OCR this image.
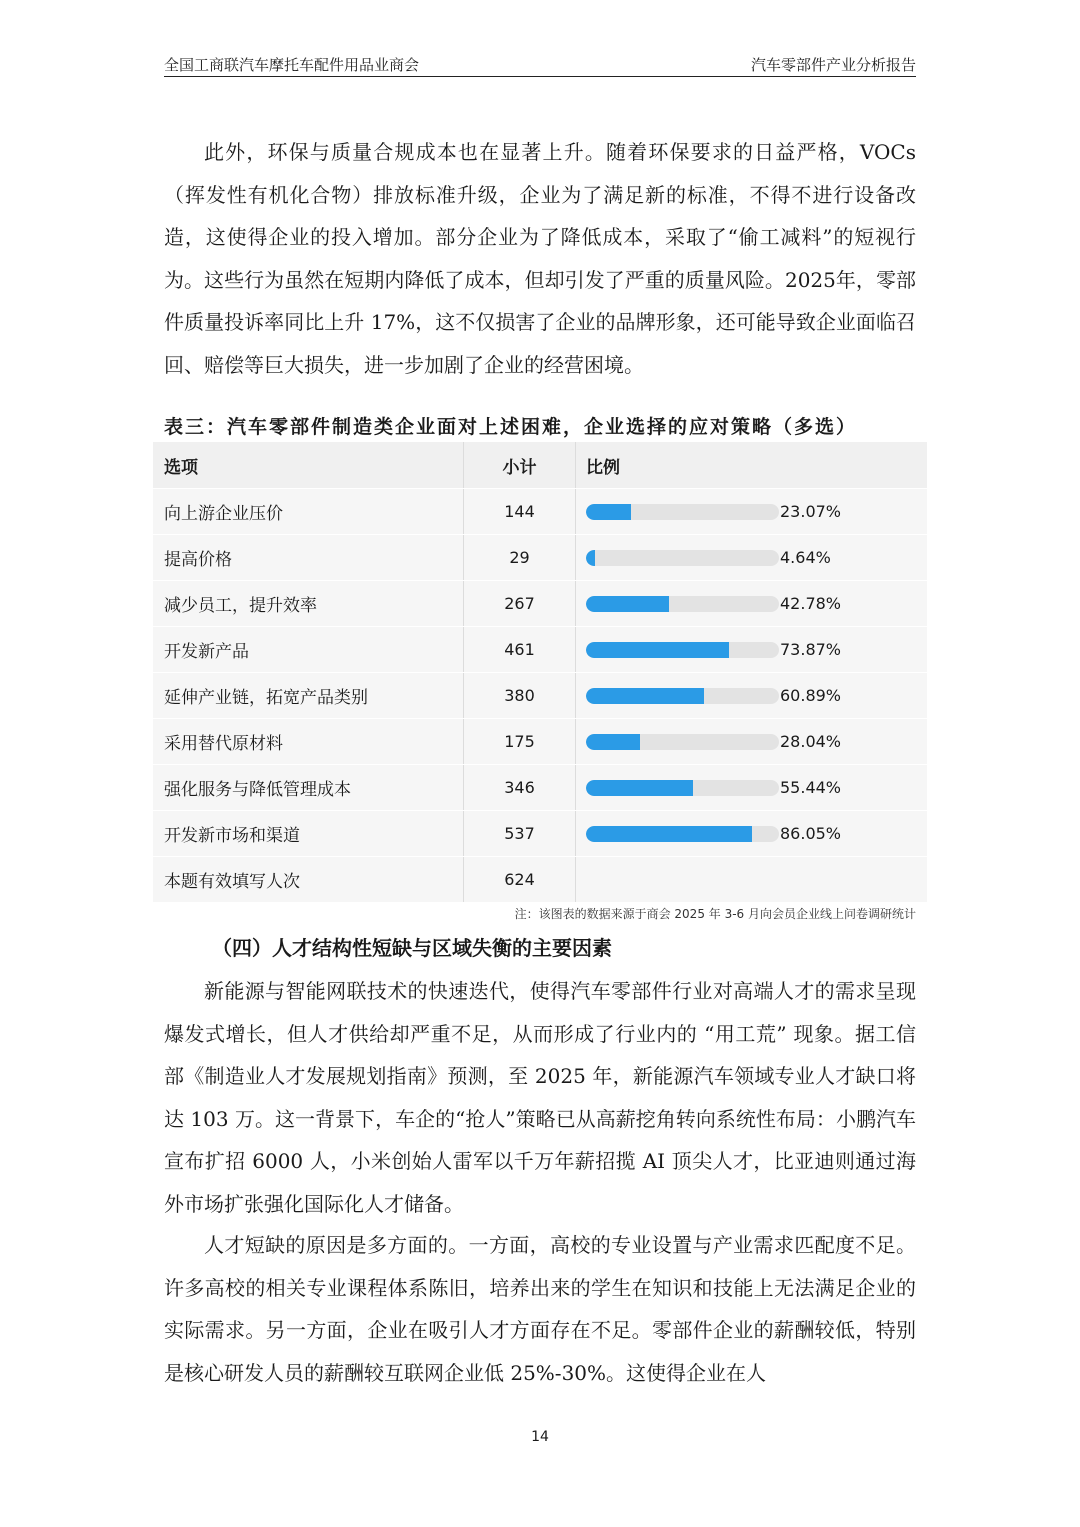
全国工商联汽车摩托车配件用品业商会	汽车零部件产业分析报告

此外，环保与质量合规成本也在显著上升。随着环保要求的日益严格，VOCs（挥发性有机化合物）排放标准升级，企业为了满足新的标准，不得不进行设备改造，这使得企业的投入增加。部分企业为了降低成本，采取了“偷工减料”的短视行为。这些行为虽然在短期内降低了成本，但却引发了严重的质量风险。2025年，零部件质量投诉率同比上升 17%，这不仅损害了企业的品牌形象，还可能导致企业面临召回、赔偿等巨大损失，进一步加剧了企业的经营困境。

表三：汽车零部件制造类企业面对上述困难，企业选择的应对策略（多选）
选项	小计	比例
向上游企业压价	144	23.07%

提高价格	29	4.64%

减少员工，提升效率	267	42.78%

开发新产品	461	73.87%

延伸产业链，拓宽产品类别	380	60.89%

采用替代原材料	175	28.04%

强化服务与降低管理成本	346	55.44%

开发新市场和渠道	537	86.05%

本题有效填写人次	624	
注：该图表的数据来源于商会 2025 年 3-6 月向会员企业线上问卷调研统计
（四）人才结构性短缺与区域失衡的主要因素

新能源与智能网联技术的快速迭代，使得汽车零部件行业对高端人才的需求呈现爆发式增长，但人才供给却严重不足，从而形成了行业内的 “用工荒” 现象。据工信部《制造业人才发展规划指南》预测，至 2025 年，新能源汽车领域专业人才缺口将达 103 万。这一背景下，车企的“抢人”策略已从高薪挖角转向系统性布局：小鹏汽车宣布扩招 6000 人，小米创始人雷军以千万年薪招揽 AI 顶尖人才，比亚迪则通过海外市场扩张强化国际化人才储备。

人才短缺的原因是多方面的。一方面，高校的专业设置与产业需求匹配度不足。许多高校的相关专业课程体系陈旧，培养出来的学生在知识和技能上无法满足企业的实际需求。另一方面，企业在吸引人才方面存在不足。零部件企业的薪酬较低，特别是核心研发人员的薪酬较互联网企业低 25%-30%。这使得企业在人

14
